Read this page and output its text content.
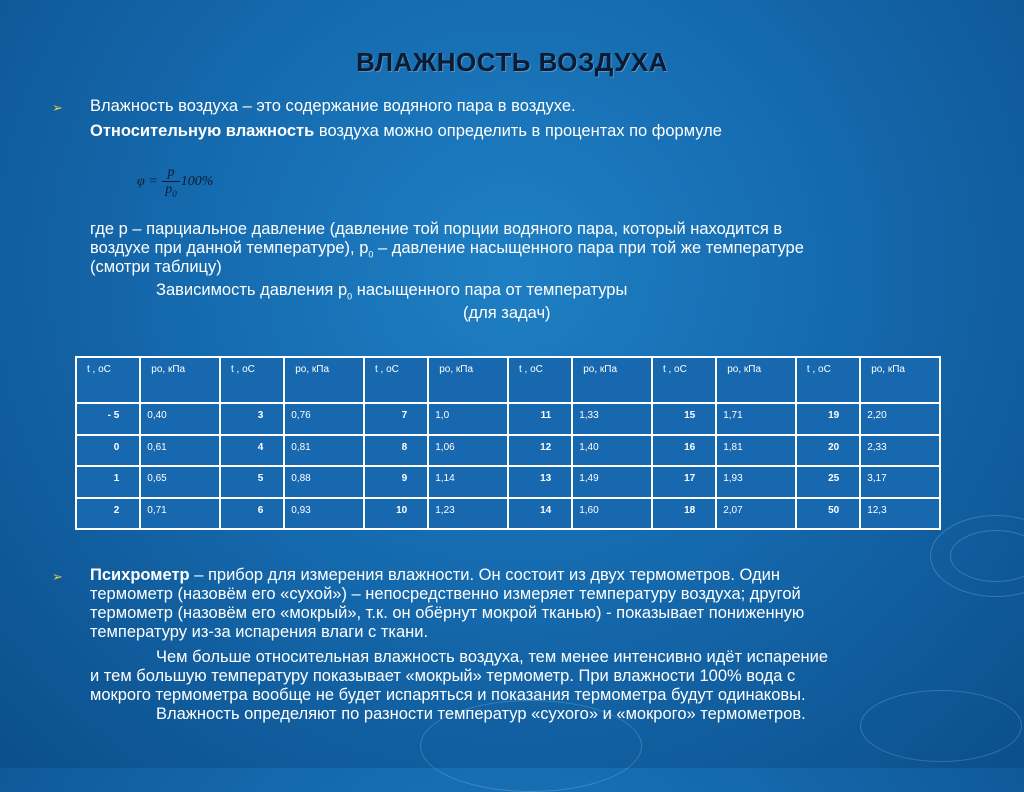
ВЛАЖНОСТЬ ВОЗДУХА
➢ Влажность воздуха – это содержание водяного пара в воздухе.
Относительную влажность воздуха можно определить в процентах по формуле
$\varphi = \frac{p}{p_0} 100\%$
где р – парциальное давление (давление той порции водяного пара, который находится в
воздухе при данной температуре), $р_0$ – давление насыщенного пара при той же температуре
(смотри таблицу)
Зависимость давления $р_0$ насыщенного пара от температуры
(для задач)
t , оС	ро, кПа	t , оС	ро, кПа	t , оС	ро, кПа	t , оС	ро, кПа	t , оС	ро, кПа	t , оС	ро, кПа
- 5	0,40	3	0,76	7	1,0	11	1,33	15	1,71	19	2,20
0	0,61	4	0,81	8	1,06	12	1,40	16	1,81	20	2,33
1	0,65	5	0,88	9	1,14	13	1,49	17	1,93	25	3,17
2	0,71	6	0,93	10	1,23	14	1,60	18	2,07	50	12,3
➢ Психрометр – прибор для измерения влажности. Он состоит из двух термометров. Один
термометр (назовём его «сухой») – непосредственно измеряет температуру воздуха; другой
термометр (назовём его «мокрый», т.к. он обёрнут мокрой тканью) - показывает пониженную
температуру из-за испарения влаги с ткани.
Чем больше относительная влажность воздуха, тем менее интенсивно идёт испарение
и тем большую температуру показывает «мокрый» термометр. При влажности 100% вода с
мокрого термометра вообще не будет испаряться и показания термометра будут одинаковы.
Влажность определяют по разности температур «сухого» и «мокрого» термометров.
